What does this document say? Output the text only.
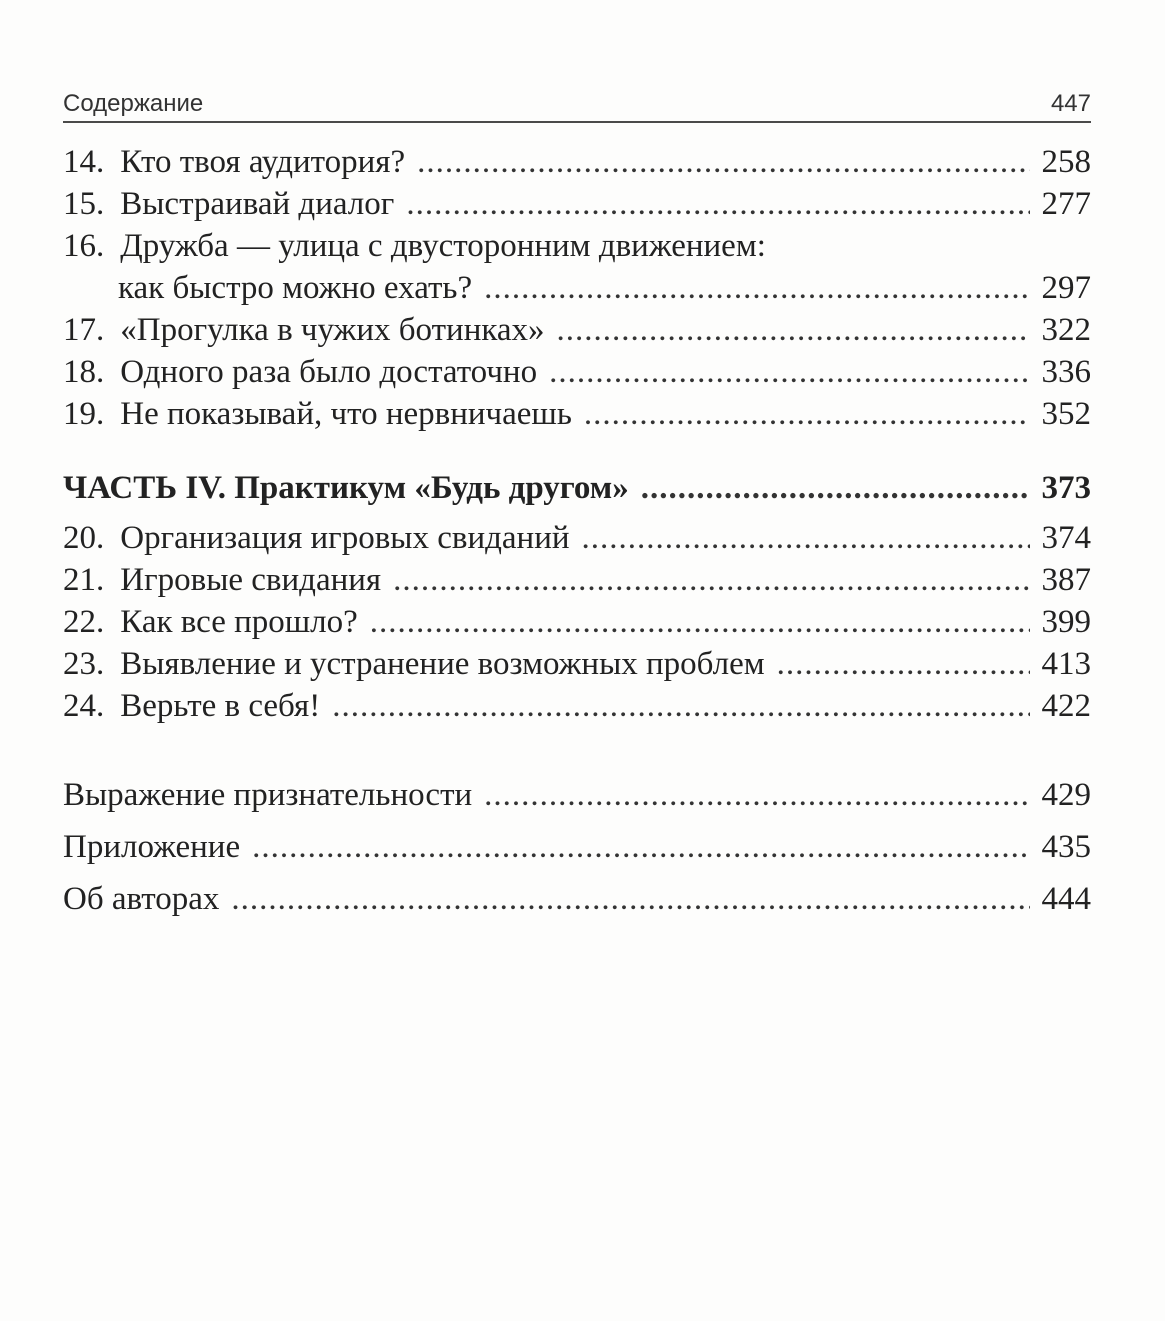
Содержание	447
14. Кто твоя аудитория? .....	258
15. Выстраивай диалог .....	277
16. Дружба — улица с двусторонним движением:
как быстро можно ехать? .....	297
17. «Прогулка в чужих ботинках» .....	322
18. Одного раза было достаточно .....	336
19. Не показывай, что нервничаешь .....	352
ЧАСТЬ IV. Практикум «Будь другом» .....	373
20. Организация игровых свиданий .....	374
21. Игровые свидания .....	387
22. Как все прошло? .....	399
23. Выявление и устранение возможных проблем .....	413
24. Верьте в себя! .....	422
Выражение признательности .....	429
Приложение .....	435
Об авторах .....	444
